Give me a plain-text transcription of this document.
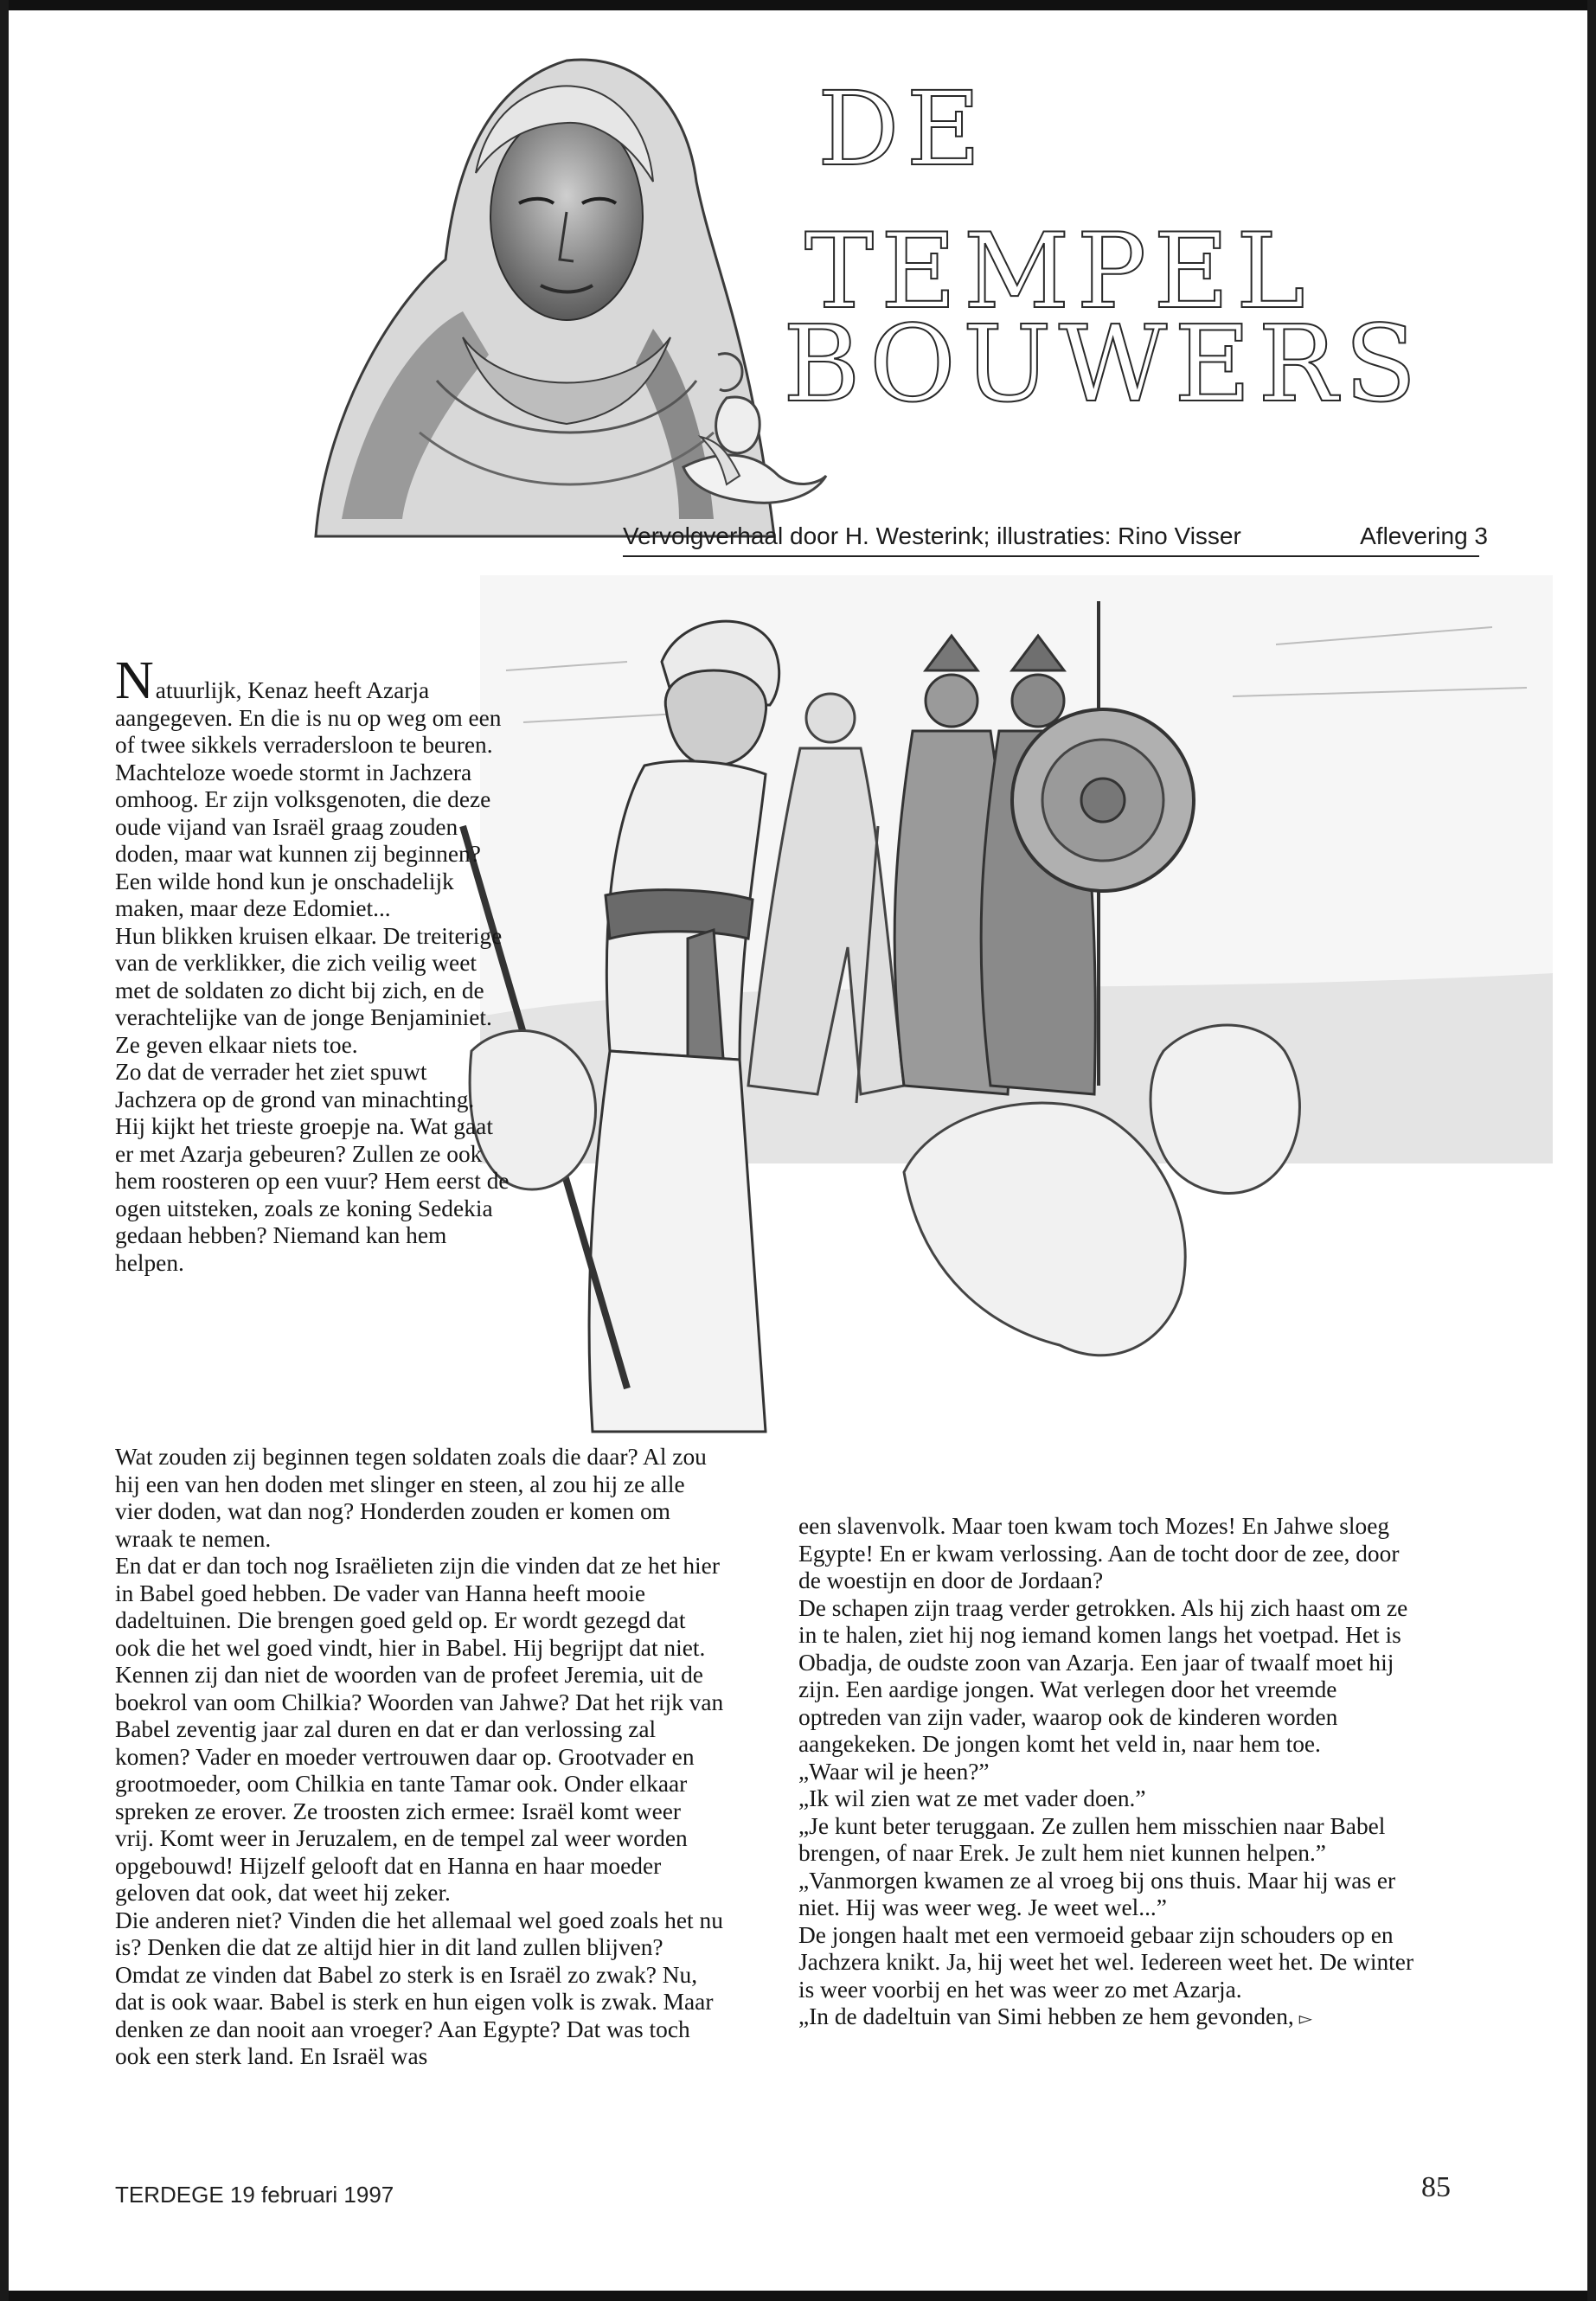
DE
TEMPEL
BOUWERS
Vervolgverhaal door H. Westerink; illustraties: Rino Visser	Aflevering 3

Natuurlijk, Kenaz heeft Azarja aangegeven. En die is nu op weg om een of twee sikkels verradersloon te beuren. Machteloze woede stormt in Jachzera omhoog. Er zijn volksgenoten, die deze oude vijand van Israël graag zouden doden, maar wat kunnen zij beginnen? Een wilde hond kun je onschadelijk maken, maar deze Edomiet...

Hun blikken kruisen elkaar. De treiterige van de verklikker, die zich veilig weet met de soldaten zo dicht bij zich, en de verachtelijke van de jonge Benjaminiet. Ze geven elkaar niets toe.

Zo dat de verrader het ziet spuwt Jachzera op de grond van minachting.

Hij kijkt het trieste groepje na. Wat gaat er met Azarja gebeuren? Zullen ze ook hem roosteren op een vuur? Hem eerst de ogen uitsteken, zoals ze koning Sedekia gedaan hebben? Niemand kan hem helpen.

Wat zouden zij beginnen tegen soldaten zoals die daar? Al zou hij een van hen doden met slinger en steen, al zou hij ze alle vier doden, wat dan nog? Honderden zouden er komen om wraak te nemen.

En dat er dan toch nog Israëlieten zijn die vinden dat ze het hier in Babel goed hebben. De vader van Hanna heeft mooie dadeltuinen. Die brengen goed geld op. Er wordt gezegd dat ook die het wel goed vindt, hier in Babel. Hij begrijpt dat niet. Kennen zij dan niet de woorden van de profeet Jeremia, uit de boekrol van oom Chilkia? Woorden van Jahwe? Dat het rijk van Babel zeventig jaar zal duren en dat er dan verlossing zal komen? Vader en moeder vertrouwen daar op. Grootvader en grootmoeder, oom Chilkia en tante Tamar ook. Onder elkaar spreken ze erover. Ze troosten zich ermee: Israël komt weer vrij. Komt weer in Jeruzalem, en de tempel zal weer worden opgebouwd! Hijzelf gelooft dat en Hanna en haar moeder geloven dat ook, dat weet hij zeker.

Die anderen niet? Vinden die het allemaal wel goed zoals het nu is? Denken die dat ze altijd hier in dit land zullen blijven? Omdat ze vinden dat Babel zo sterk is en Israël zo zwak? Nu, dat is ook waar. Babel is sterk en hun eigen volk is zwak. Maar denken ze dan nooit aan vroeger? Aan Egypte? Dat was toch ook een sterk land. En Israël was

een slavenvolk. Maar toen kwam toch Mozes! En Jahwe sloeg Egypte! En er kwam verlossing. Aan de tocht door de zee, door de woestijn en door de Jordaan?

De schapen zijn traag verder getrokken. Als hij zich haast om ze in te halen, ziet hij nog iemand komen langs het voetpad. Het is Obadja, de oudste zoon van Azarja. Een jaar of twaalf moet hij zijn. Een aardige jongen. Wat verlegen door het vreemde optreden van zijn vader, waarop ook de kinderen worden aangekeken. De jongen komt het veld in, naar hem toe.

„Waar wil je heen?”

„Ik wil zien wat ze met vader doen.”

„Je kunt beter teruggaan. Ze zullen hem misschien naar Babel brengen, of naar Erek. Je zult hem niet kunnen helpen.”

„Vanmorgen kwamen ze al vroeg bij ons thuis. Maar hij was er niet. Hij was weer weg. Je weet wel...”

De jongen haalt met een vermoeid gebaar zijn schouders op en Jachzera knikt. Ja, hij weet het wel. Iedereen weet het. De winter is weer voorbij en het was weer zo met Azarja.

„In de dadeltuin van Simi hebben ze hem gevonden, ▻

TERDEGE 19 februari 1997	85
